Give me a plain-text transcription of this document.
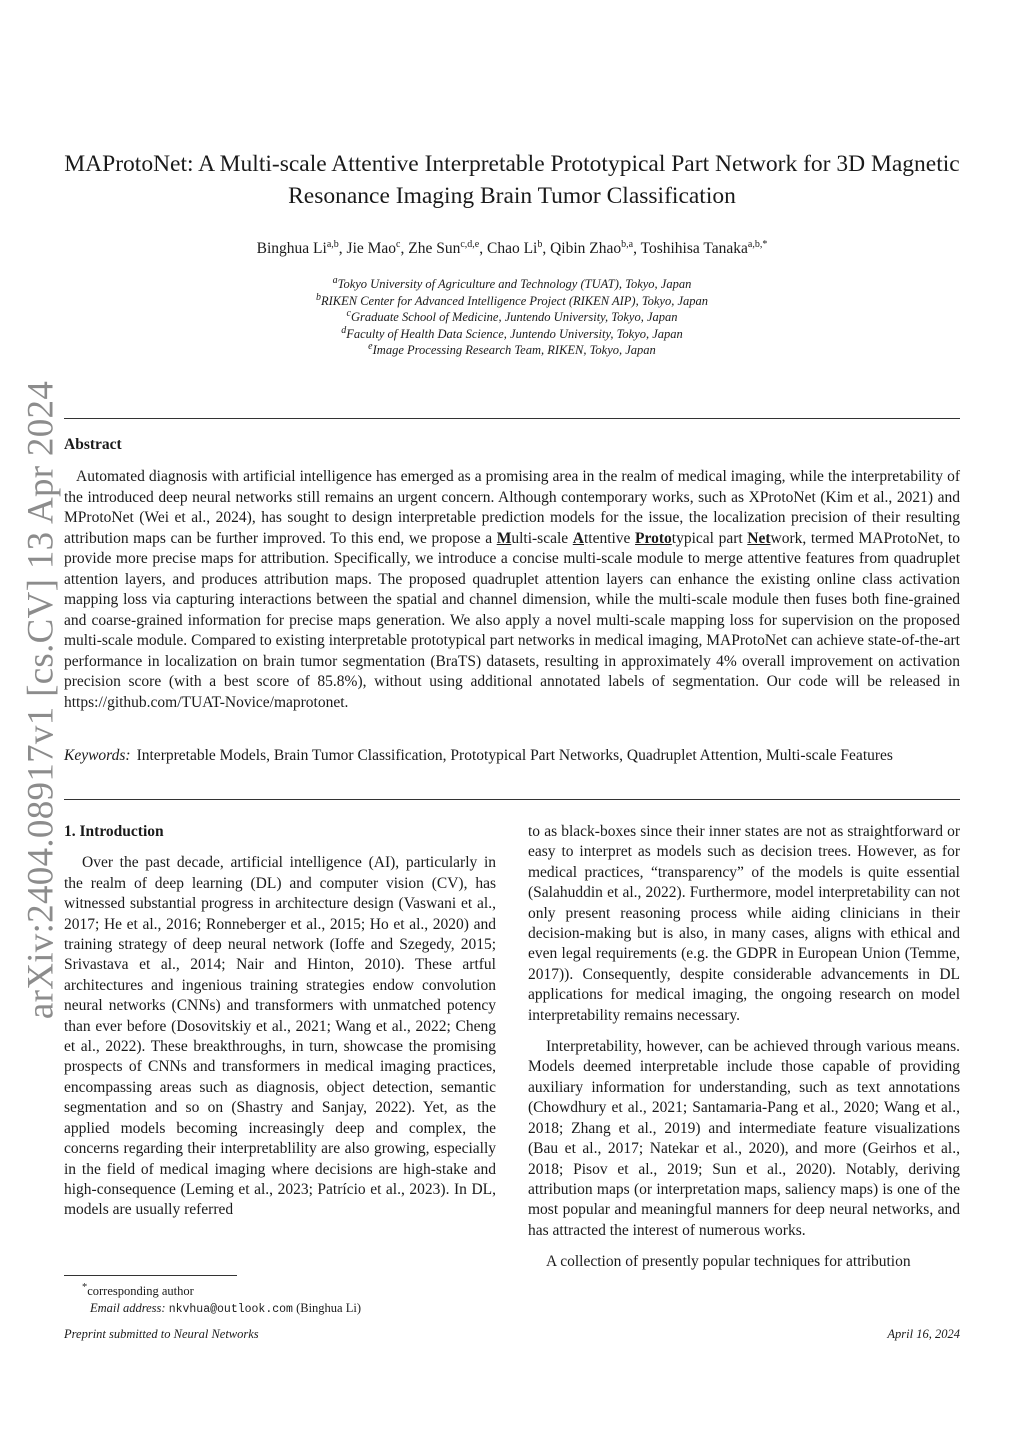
arXiv:2404.08917v1 [cs.CV] 13 Apr 2024
MAProtoNet: A Multi-scale Attentive Interpretable Prototypical Part Network for 3D Magnetic Resonance Imaging Brain Tumor Classification
Binghua Li$^{a,b}$, Jie Mao$^c$, Zhe Sun$^{c,d,e}$, Chao Li$^b$, Qibin Zhao$^{b,a}$, Toshihisa Tanaka$^{a,b,*}$
$^a$Tokyo University of Agriculture and Technology (TUAT), Tokyo, Japan
$^b$RIKEN Center for Advanced Intelligence Project (RIKEN AIP), Tokyo, Japan
$^c$Graduate School of Medicine, Juntendo University, Tokyo, Japan
$^d$Faculty of Health Data Science, Juntendo University, Tokyo, Japan
$^e$Image Processing Research Team, RIKEN, Tokyo, Japan
Abstract

Automated diagnosis with artificial intelligence has emerged as a promising area in the realm of medical imaging, while the interpretability of the introduced deep neural networks still remains an urgent concern. Although contemporary works, such as XProtoNet (Kim et al., 2021) and MProtoNet (Wei et al., 2024), has sought to design interpretable prediction models for the issue, the localization precision of their resulting attribution maps can be further improved. To this end, we propose a Multi-scale Attentive Prototypical part Network, termed MAProtoNet, to provide more precise maps for attribution. Specifically, we introduce a concise multi-scale module to merge attentive features from quadruplet attention layers, and produces attribution maps. The proposed quadruplet attention layers can enhance the existing online class activation mapping loss via capturing interactions between the spatial and channel dimension, while the multi-scale module then fuses both fine-grained and coarse-grained information for precise maps generation. We also apply a novel multi-scale mapping loss for supervision on the proposed multi-scale module. Compared to existing interpretable prototypical part networks in medical imaging, MAProtoNet can achieve state-of-the-art performance in localization on brain tumor segmentation (BraTS) datasets, resulting in approximately 4% overall improvement on activation precision score (with a best score of 85.8%), without using additional annotated labels of segmentation. Our code will be released in https://github.com/TUAT-Novice/maprotonet.

Keywords: Interpretable Models, Brain Tumor Classification, Prototypical Part Networks, Quadruplet Attention, Multi-scale Features

1. Introduction

Over the past decade, artificial intelligence (AI), particularly in the realm of deep learning (DL) and computer vision (CV), has witnessed substantial progress in architecture design (Vaswani et al., 2017; He et al., 2016; Ronneberger et al., 2015; Ho et al., 2020) and training strategy of deep neural network (Ioffe and Szegedy, 2015; Srivastava et al., 2014; Nair and Hinton, 2010). These artful architectures and ingenious training strategies endow convolution neural networks (CNNs) and transformers with unmatched potency than ever before (Dosovitskiy et al., 2021; Wang et al., 2022; Cheng et al., 2022). These breakthroughs, in turn, showcase the promising prospects of CNNs and transformers in medical imaging practices, encompassing areas such as diagnosis, object detection, semantic segmentation and so on (Shastry and Sanjay, 2022). Yet, as the applied models becoming increasingly deep and complex, the concerns regarding their interpretablility are also growing, especially in the field of medical imaging where decisions are high-stake and high-consequence (Leming et al., 2023; Patrício et al., 2023). In DL, models are usually referred

to as black-boxes since their inner states are not as straightforward or easy to interpret as models such as decision trees. However, as for medical practices, “transparency” of the models is quite essential (Salahuddin et al., 2022). Furthermore, model interpretability can not only present reasoning process while aiding clinicians in their decision-making but is also, in many cases, aligns with ethical and even legal requirements (e.g. the GDPR in European Union (Temme, 2017)). Consequently, despite considerable advancements in DL applications for medical imaging, the ongoing research on model interpretability remains necessary.

Interpretability, however, can be achieved through various means. Models deemed interpretable include those capable of providing auxiliary information for understanding, such as text annotations (Chowdhury et al., 2021; Santamaria-Pang et al., 2020; Wang et al., 2018; Zhang et al., 2019) and intermediate feature visualizations (Bau et al., 2017; Natekar et al., 2020), and more (Geirhos et al., 2018; Pisov et al., 2019; Sun et al., 2020). Notably, deriving attribution maps (or interpretation maps, saliency maps) is one of the most popular and meaningful manners for deep neural networks, and has attracted the interest of numerous works.

A collection of presently popular techniques for attribution

*corresponding author
Email address: nkvhua@outlook.com (Binghua Li)
Preprint submitted to Neural Networks	April 16, 2024
